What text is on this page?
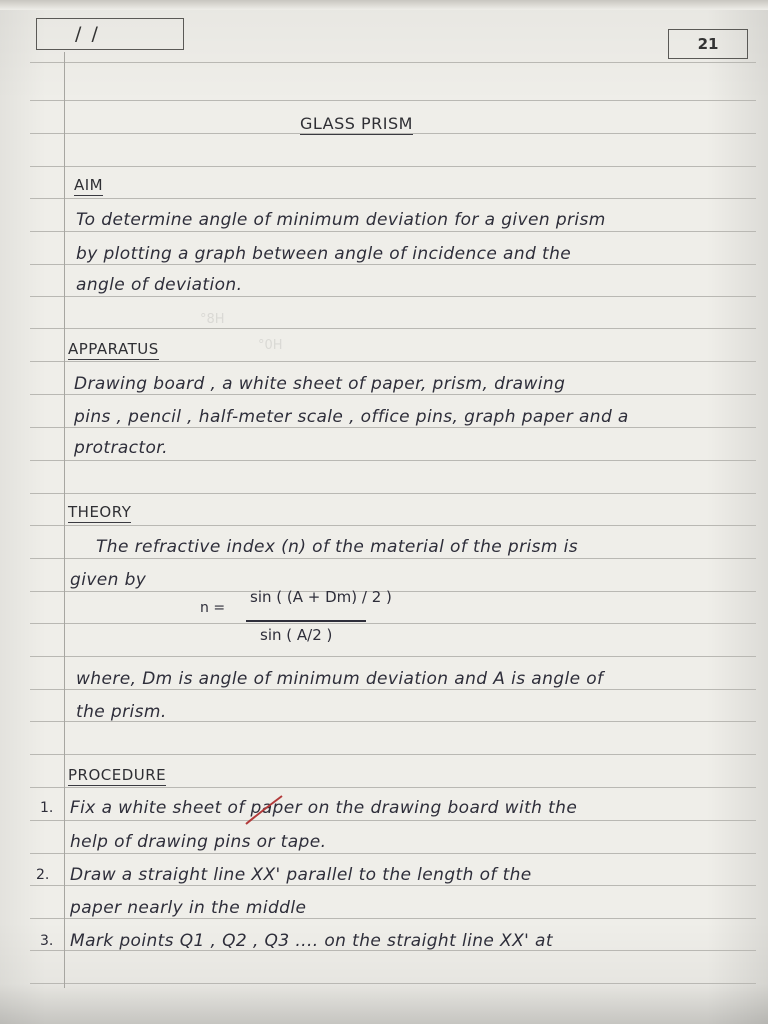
/ /	21
°8H
°0H
GLASS PRISM
AIM
To determine angle of minimum deviation for a given prism
by plotting a graph between angle of incidence and the
angle of deviation.
APPARATUS
Drawing board , a white sheet of paper, prism, drawing
pins , pencil , half-meter scale , office pins, graph paper and a
protractor.
THEORY
The refractive index (n) of the material of the prism is
given by
n =
sin ( (A + Dm) / 2 )
sin ( A/2 )
where, Dm is angle of minimum deviation and A is angle of
the prism.
PROCEDURE
1. Fix a white sheet of paper on the drawing board with the
help of drawing pins or tape.
2. Draw a straight line XX' parallel to the length of the
paper nearly in the middle
3. Mark points Q1 , Q2 , Q3 .... on the straight line XX' at
